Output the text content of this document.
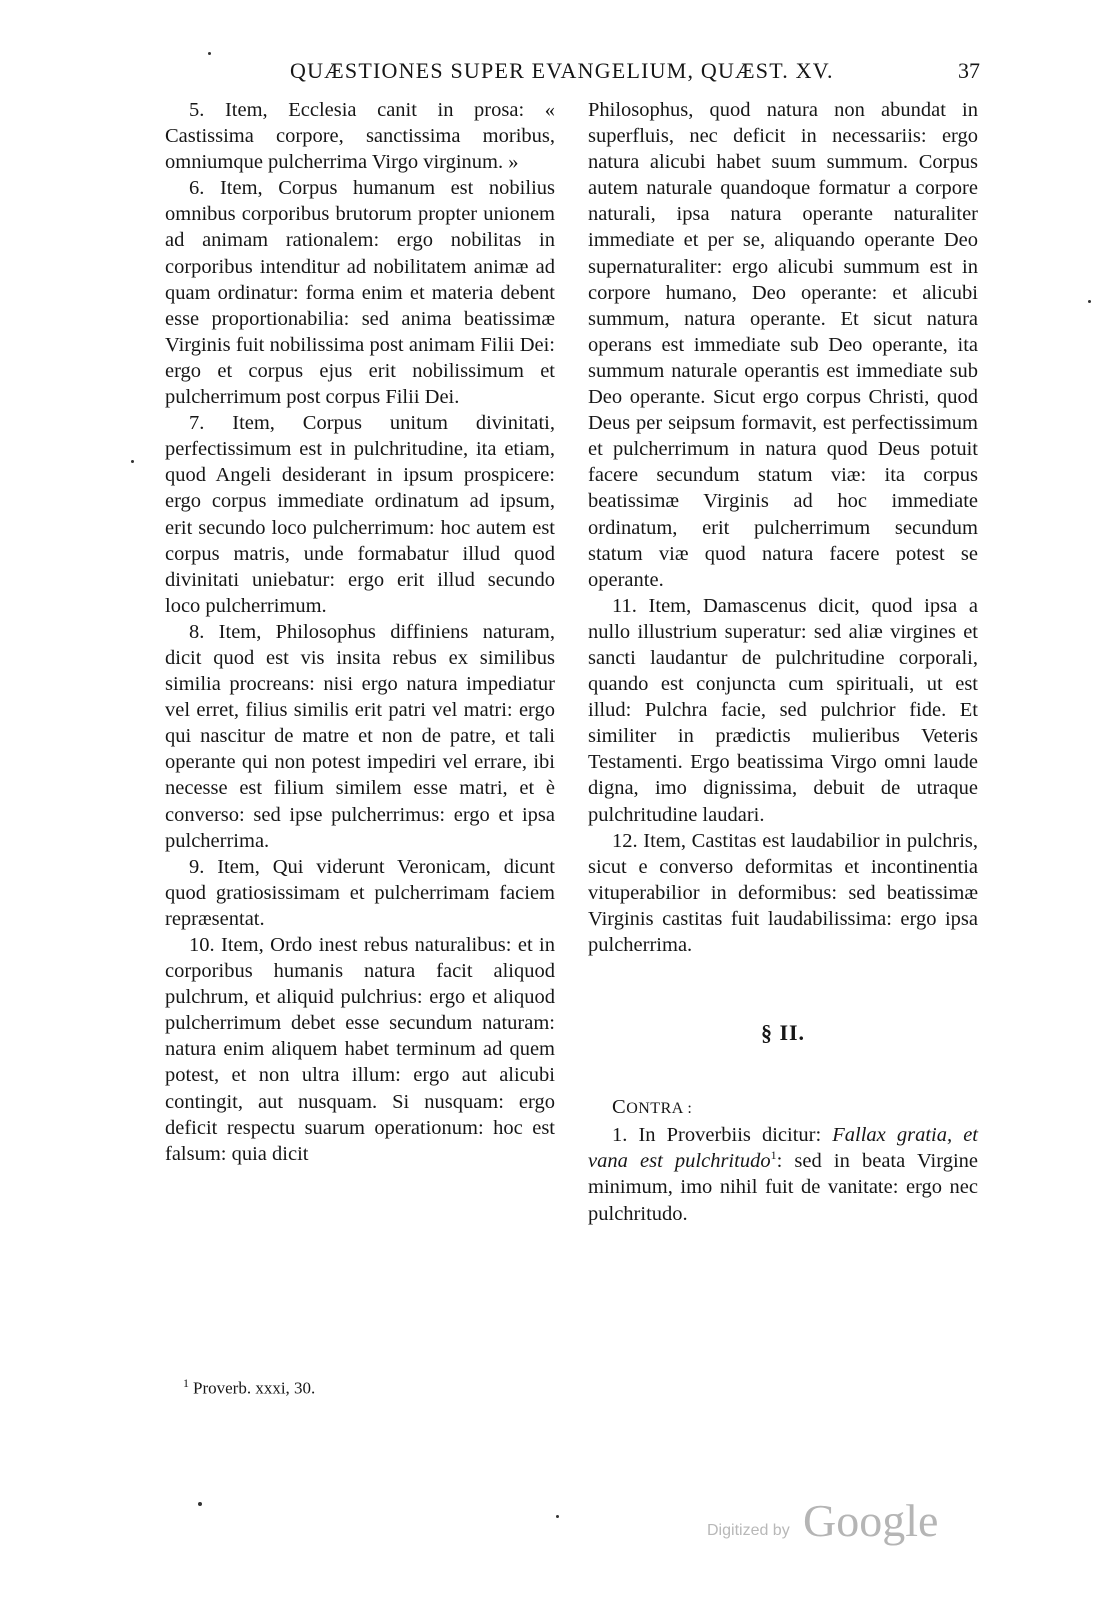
QUÆSTIONES SUPER EVANGELIUM, QUÆST. XV.	37

5. Item, Ecclesia canit in prosa: « Castissima corpore, sanctissima moribus, omniumque pulcherrima Virgo virginum. »

6. Item, Corpus humanum est nobilius omnibus corporibus brutorum propter unionem ad animam rationalem: ergo nobilitas in corporibus intenditur ad nobilitatem animæ ad quam ordinatur: forma enim et materia debent esse proportionabilia: sed anima beatissimæ Virginis fuit nobilissima post animam Filii Dei: ergo et corpus ejus erit nobilissimum et pulcherrimum post corpus Filii Dei.

7. Item, Corpus unitum divinitati, perfectissimum est in pulchritudine, ita etiam, quod Angeli desiderant in ipsum prospicere: ergo corpus immediate ordinatum ad ipsum, erit secundo loco pulcherrimum: hoc autem est corpus matris, unde formabatur illud quod divinitati uniebatur: ergo erit illud secundo loco pulcherrimum.

8. Item, Philosophus diffiniens naturam, dicit quod est vis insita rebus ex similibus similia procreans: nisi ergo natura impediatur vel erret, filius similis erit patri vel matri: ergo qui nascitur de matre et non de patre, et tali operante qui non potest impediri vel errare, ibi necesse est filium similem esse matri, et è converso: sed ipse pulcherrimus: ergo et ipsa pulcherrima.

9. Item, Qui viderunt Veronicam, dicunt quod gratiosissimam et pulcherrimam faciem repræsentat.

10. Item, Ordo inest rebus naturalibus: et in corporibus humanis natura facit aliquod pulchrum, et aliquid pulchrius: ergo et aliquod pulcherrimum debet esse secundum naturam: natura enim aliquem habet terminum ad quem potest, et non ultra illum: ergo aut alicubi contingit, aut nusquam. Si nusquam: ergo deficit respectu suarum operationum: hoc est falsum: quia dicit

Philosophus, quod natura non abundat in superfluis, nec deficit in necessariis: ergo natura alicubi habet suum summum. Corpus autem naturale quandoque formatur a corpore naturali, ipsa natura operante naturaliter immediate et per se, aliquando operante Deo supernaturaliter: ergo alicubi summum est in corpore humano, Deo operante: et alicubi summum, natura operante. Et sicut natura operans est immediate sub Deo operante, ita summum naturale operantis est immediate sub Deo operante. Sicut ergo corpus Christi, quod Deus per seipsum formavit, est perfectissimum et pulcherrimum in natura quod Deus potuit facere secundum statum viæ: ita corpus beatissimæ Virginis ad hoc immediate ordinatum, erit pulcherrimum secundum statum viæ quod natura facere potest se operante.

11. Item, Damascenus dicit, quod ipsa a nullo illustrium superatur: sed aliæ virgines et sancti laudantur de pulchritudine corporali, quando est conjuncta cum spirituali, ut est illud: Pulchra facie, sed pulchrior fide. Et similiter in prædictis mulieribus Veteris Testamenti. Ergo beatissima Virgo omni laude digna, imo dignissima, debuit de utraque pulchritudine laudari.

12. Item, Castitas est laudabilior in pulchris, sicut e converso deformitas et incontinentia vituperabilior in deformibus: sed beatissimæ Virginis castitas fuit laudabilissima: ergo ipsa pulcherrima.

§ II.

CONTRA :

1. In Proverbiis dicitur: Fallax gratia, et vana est pulchritudo$^1$: sed in beata Virgine minimum, imo nihil fuit de vanitate: ergo nec pulchritudo.

$^1$ Proverb. xxxi, 30.
Digitized by Google
